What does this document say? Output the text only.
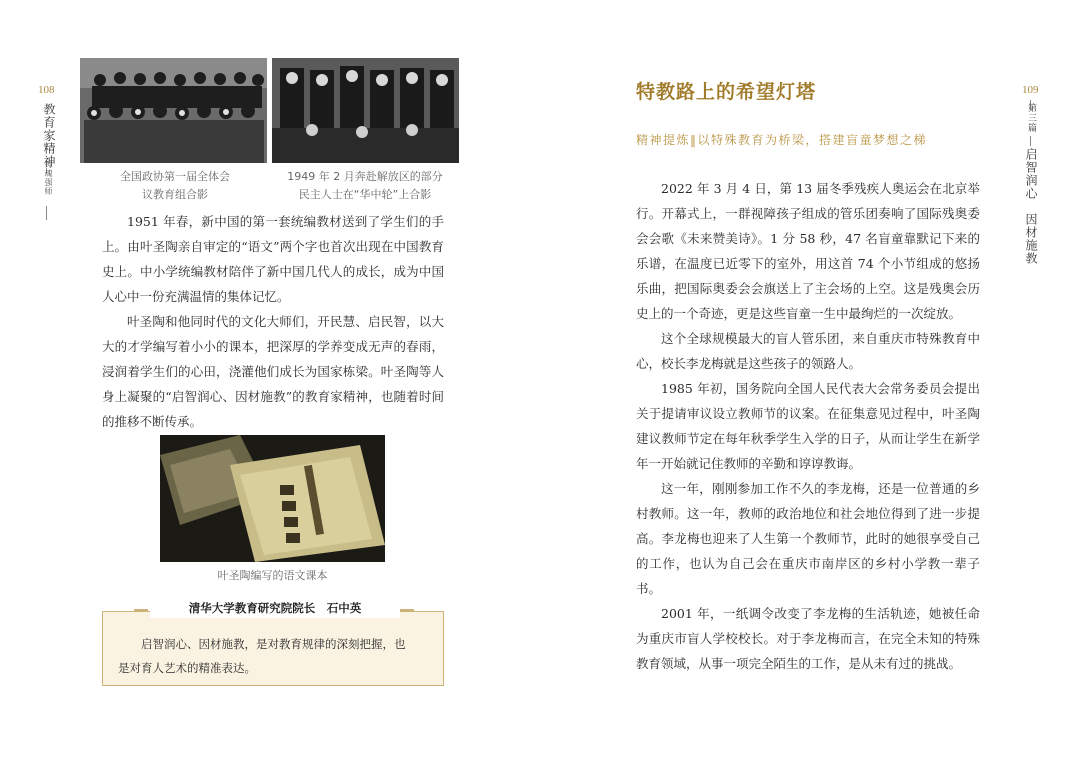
108
教育家精神
铸魂强师	全国政协第一届全体会
议教育组合影
1949 年 2 月奔赴解放区的部分
民主人士在“华中轮”上合影

1951 年春，新中国的第一套统编教材送到了学生们的手上。由叶圣陶亲自审定的“语文”两个字也首次出现在中国教育史上。中小学统编教材陪伴了新中国几代人的成长，成为中国人心中一份充满温情的集体记忆。

叶圣陶和他同时代的文化大师们，开民慧、启民智，以大大的才学编写着小小的课本，把深厚的学养变成无声的春雨，浸润着学生们的心田，浇灌他们成长为国家栋梁。叶圣陶等人身上凝聚的“启智润心、因材施教”的教育家精神，也随着时间的推移不断传承。

叶圣陶编写的语文课本
清华大学教育研究院院长　石中英
启智润心、因材施教，是对教育规律的深刻把握，也
是对育人艺术的精准表达。
特教路上的希望灯塔
精神提炼‖以特殊教育为桥梁，搭建盲童梦想之梯

2022 年 3 月 4 日，第 13 届冬季残疾人奥运会在北京举行。开幕式上，一群视障孩子组成的管乐团奏响了国际残奥委会会歌《未来赞美诗》。1 分 58 秒，47 名盲童靠默记下来的乐谱，在温度已近零下的室外，用这首 74 个小节组成的悠扬乐曲，把国际奥委会会旗送上了主会场的上空。这是残奥会历史上的一个奇迹，更是这些盲童一生中最绚烂的一次绽放。

这个全球规模最大的盲人管乐团，来自重庆市特殊教育中心，校长李龙梅就是这些孩子的领路人。

1985 年初，国务院向全国人民代表大会常务委员会提出关于提请审议设立教师节的议案。在征集意见过程中，叶圣陶建议教师节定在每年秋季学生入学的日子，从而让学生在新学年一开始就记住教师的辛勤和谆谆教诲。

这一年，刚刚参加工作不久的李龙梅，还是一位普通的乡村教师。这一年，教师的政治地位和社会地位得到了进一步提高。李龙梅也迎来了人生第一个教师节，此时的她很享受自己的工作，也认为自己会在重庆市南岸区的乡村小学教一辈子书。

2001 年，一纸调令改变了李龙梅的生活轨迹，她被任命为重庆市盲人学校校长。对于李龙梅而言，在完全未知的特殊教育领域，从事一项完全陌生的工作，是从未有过的挑战。

109
第三篇
启智润心　因材施教
